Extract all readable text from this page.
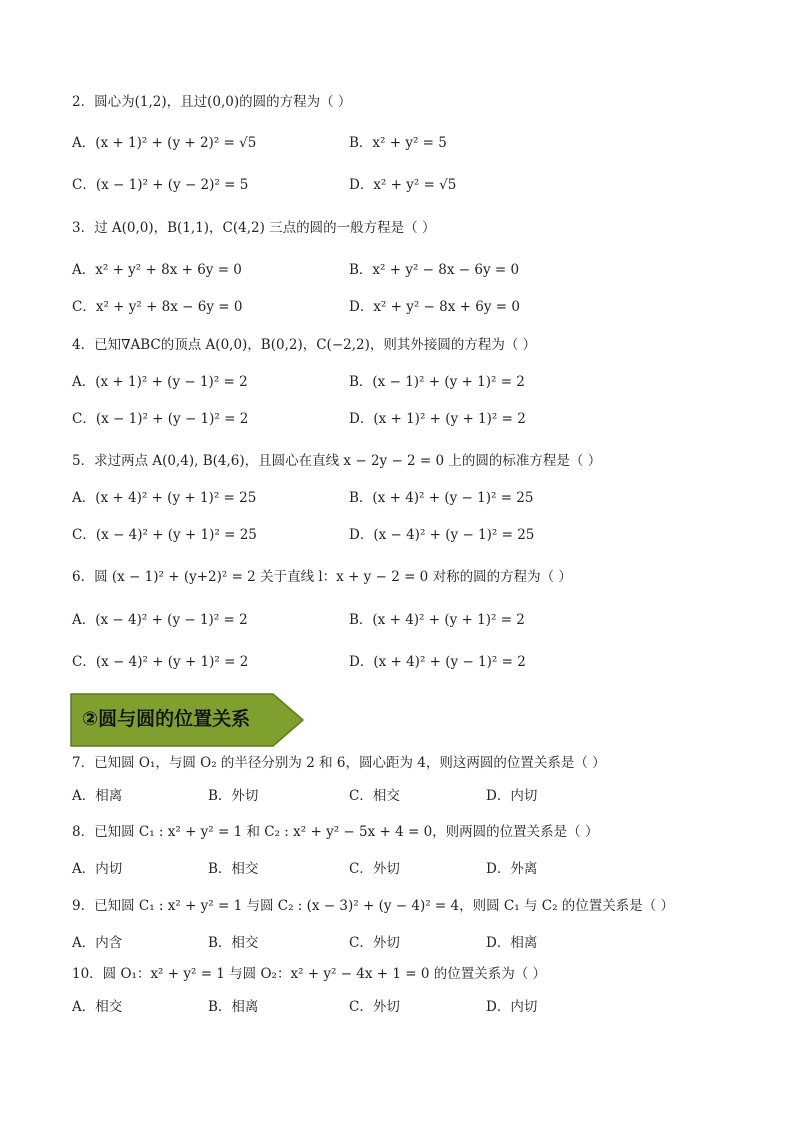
2．圆心为(1,2)，且过(0,0)的圆的方程为（ ）
A．(x + 1)² + (y + 2)² = √5	B．x² + y² = 5
C．(x − 1)² + (y − 2)² = 5	D．x² + y² = √5
3．过 A(0,0)，B(1,1)，C(4,2) 三点的圆的一般方程是（ ）
A．x² + y² + 8x + 6y = 0	B．x² + y² − 8x − 6y = 0
C．x² + y² + 8x − 6y = 0	D．x² + y² − 8x + 6y = 0
4．已知∇ABC的顶点 A(0,0)，B(0,2)，C(−2,2)，则其外接圆的方程为（ ）
A．(x + 1)² + (y − 1)² = 2	B．(x − 1)² + (y + 1)² = 2
C．(x − 1)² + (y − 1)² = 2	D．(x + 1)² + (y + 1)² = 2
5．求过两点 A(0,4), B(4,6)，且圆心在直线 x − 2y − 2 = 0 上的圆的标准方程是（ ）
A．(x + 4)² + (y + 1)² = 25	B．(x + 4)² + (y − 1)² = 25
C．(x − 4)² + (y + 1)² = 25	D．(x − 4)² + (y − 1)² = 25
6．圆 (x − 1)² + (y+2)² = 2 关于直线 l：x + y − 2 = 0 对称的圆的方程为（ ）
A．(x − 4)² + (y − 1)² = 2	B．(x + 4)² + (y + 1)² = 2
C．(x − 4)² + (y + 1)² = 2	D．(x + 4)² + (y − 1)² = 2
②圆与圆的位置关系
7．已知圆 O₁，与圆 O₂ 的半径分别为 2 和 6，圆心距为 4，则这两圆的位置关系是（ ）
A．相离	B．外切	C．相交	D．内切
8．已知圆 C₁ : x² + y² = 1 和 C₂ : x² + y² − 5x + 4 = 0，则两圆的位置关系是（ ）
A．内切	B．相交	C．外切	D．外离
9．已知圆 C₁ : x² + y² = 1 与圆 C₂ : (x − 3)² + (y − 4)² = 4，则圆 C₁ 与 C₂ 的位置关系是（ ）
A．内含	B．相交	C．外切	D．相离
10．圆 O₁：x² + y² = 1 与圆 O₂：x² + y² − 4x + 1 = 0 的位置关系为（ ）
A．相交	B．相离	C．外切	D．内切
